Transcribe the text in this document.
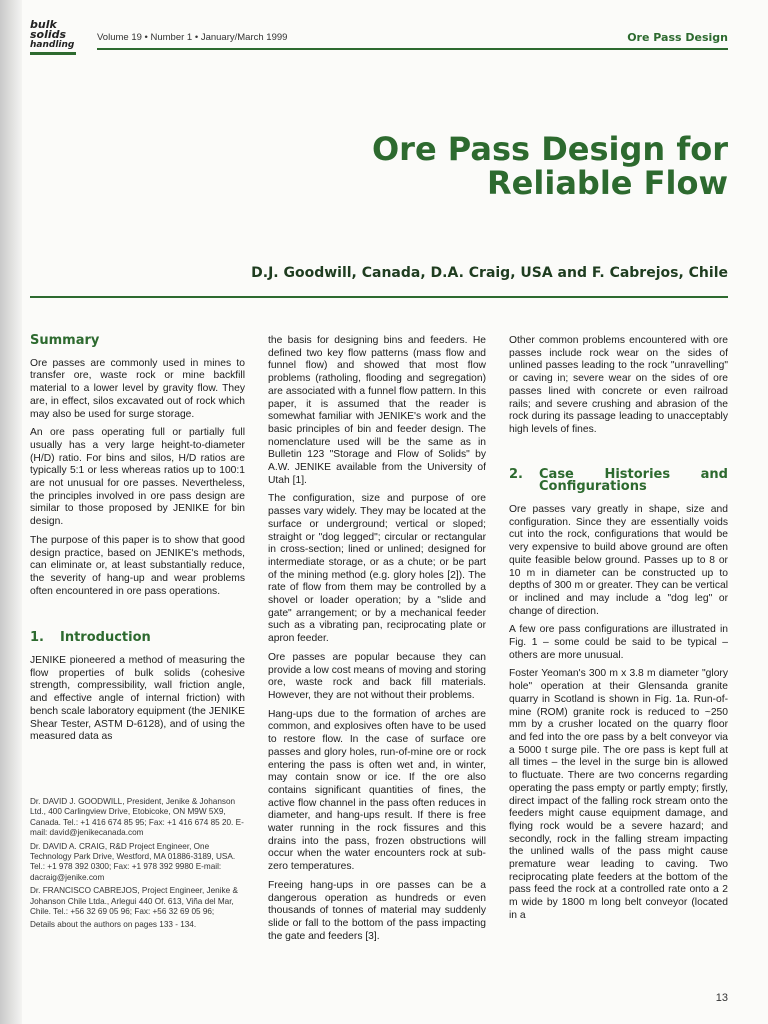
bulk
solids
handling
Volume 19 • Number 1 • January/March 1999	Ore Pass Design
Ore Pass Design for
Reliable Flow
D.J. Goodwill, Canada, D.A. Craig, USA and F. Cabrejos, Chile
Summary

Ore passes are commonly used in mines to transfer ore, waste rock or mine backfill material to a lower level by gravity flow. They are, in effect, silos excavated out of rock which may also be used for surge storage.

An ore pass operating full or partially full usually has a very large height-to-diameter (H/D) ratio. For bins and silos, H/D ratios are typically 5:1 or less whereas ratios up to 100:1 are not unusual for ore passes. Nevertheless, the principles involved in ore pass design are similar to those proposed by JENIKE for bin design.

The purpose of this paper is to show that good design practice, based on JENIKE's methods, can eliminate or, at least substantially reduce, the severity of hang-up and wear problems often encountered in ore pass operations.

1.	Introduction

JENIKE pioneered a method of measuring the flow properties of bulk solids (cohesive strength, compressibility, wall friction angle, and effective angle of internal friction) with bench scale laboratory equipment (the JENIKE Shear Tester, ASTM D-6128), and of using the measured data as

Dr. DAVID J. GOODWILL, President, Jenike & Johanson Ltd., 400 Carlingview Drive, Etobicoke, ON M9W 5X9, Canada. Tel.: +1 416 674 85 95; Fax: +1 416 674 85 20. E-mail: david@jenikecanada.com

Dr. DAVID A. CRAIG, R&D Project Engineer, One Technology Park Drive, Westford, MA 01886-3189, USA. Tel.: +1 978 392 0300; Fax: +1 978 392 9980 E-mail: dacraig@jenike.com

Dr. FRANCISCO CABREJOS, Project Engineer, Jenike & Johanson Chile Ltda., Arlegui 440 Of. 613, Viña del Mar, Chile. Tel.: +56 32 69 05 96; Fax: +56 32 69 05 96;

Details about the authors on pages 133 - 134.

the basis for designing bins and feeders. He defined two key flow patterns (mass flow and funnel flow) and showed that most flow problems (ratholing, flooding and segregation) are associated with a funnel flow pattern. In this paper, it is assumed that the reader is somewhat familiar with JENIKE's work and the basic principles of bin and feeder design. The nomenclature used will be the same as in Bulletin 123 "Storage and Flow of Solids" by A.W. JENIKE available from the University of Utah [1].

The configuration, size and purpose of ore passes vary widely. They may be located at the surface or underground; vertical or sloped; straight or "dog legged"; circular or rectangular in cross-section; lined or unlined; designed for intermediate storage, or as a chute; or be part of the mining method (e.g. glory holes [2]). The rate of flow from them may be controlled by a shovel or loader operation; by a "slide and gate" arrangement; or by a mechanical feeder such as a vibrating pan, reciprocating plate or apron feeder.

Ore passes are popular because they can provide a low cost means of moving and storing ore, waste rock and back fill materials. However, they are not without their problems.

Hang-ups due to the formation of arches are common, and explosives often have to be used to restore flow. In the case of surface ore passes and glory holes, run-of-mine ore or rock entering the pass is often wet and, in winter, may contain snow or ice. If the ore also contains significant quantities of fines, the active flow channel in the pass often reduces in diameter, and hang-ups result. If there is free water running in the rock fissures and this drains into the pass, frozen obstructions will occur when the water encounters rock at sub-zero temperatures.

Freeing hang-ups in ore passes can be a dangerous operation as hundreds or even thousands of tonnes of material may suddenly slide or fall to the bottom of the pass impacting the gate and feeders [3].

Other common problems encountered with ore passes include rock wear on the sides of unlined passes leading to the rock "unravelling" or caving in; severe wear on the sides of ore passes lined with concrete or even railroad rails; and severe crushing and abrasion of the rock during its passage leading to unacceptably high levels of fines.

2.	Case Histories and Configurations

Ore passes vary greatly in shape, size and configuration. Since they are essentially voids cut into the rock, configurations that would be very expensive to build above ground are often quite feasible below ground. Passes up to 8 or 10 m in diameter can be constructed up to depths of 300 m or greater. They can be vertical or inclined and may include a "dog leg" or change of direction.

A few ore pass configurations are illustrated in Fig. 1 – some could be said to be typical – others are more unusual.

Foster Yeoman's 300 m x 3.8 m diameter "glory hole" operation at their Glensanda granite quarry in Scotland is shown in Fig. 1a. Run-of-mine (ROM) granite rock is reduced to ~250 mm by a crusher located on the quarry floor and fed into the ore pass by a belt conveyor via a 5000 t surge pile. The ore pass is kept full at all times – the level in the surge bin is allowed to fluctuate. There are two concerns regarding operating the pass empty or partly empty; firstly, direct impact of the falling rock stream onto the feeders might cause equipment damage, and flying rock would be a severe hazard; and secondly, rock in the falling stream impacting the unlined walls of the pass might cause premature wear leading to caving. Two reciprocating plate feeders at the bottom of the pass feed the rock at a controlled rate onto a 2 m wide by 1800 m long belt conveyor (located in a

13
